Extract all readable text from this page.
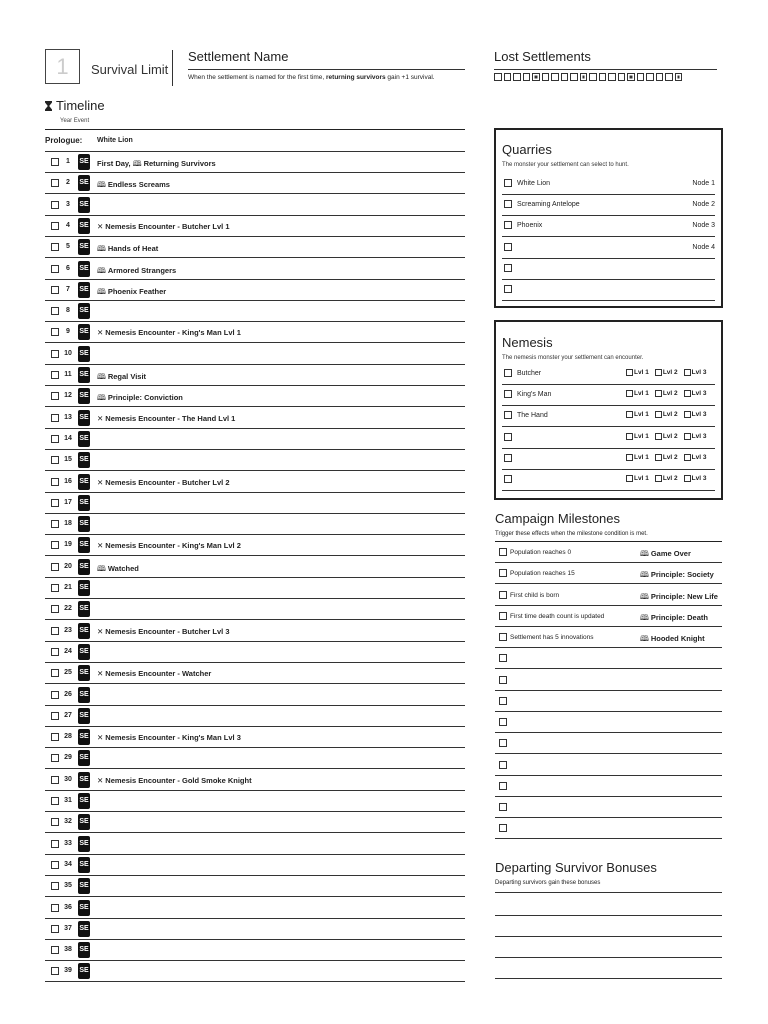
1	Survival Limit
Settlement Name
When the settlement is named for the first time, returning survivors gain +1 survival.
Lost Settlements
Timeline
Year Event
Prologue: White Lion
1	SE First Day, 🕮 Returning Survivors
2	SE 🕮 Endless Screams
3	SE
4	SE ✕ Nemesis Encounter - Butcher Lvl 1
5	SE 🕮 Hands of Heat
6	SE 🕮 Armored Strangers
7	SE 🕮 Phoenix Feather
8	SE
9	SE ✕ Nemesis Encounter - King's Man Lvl 1
10	SE
11	SE 🕮 Regal Visit
12	SE 🕮 Principle: Conviction
13	SE ✕ Nemesis Encounter - The Hand Lvl 1
14	SE
15	SE
16	SE ✕ Nemesis Encounter - Butcher Lvl 2
17	SE
18	SE
19	SE ✕ Nemesis Encounter - King's Man Lvl 2
20	SE 🕮 Watched
21	SE
22	SE
23	SE ✕ Nemesis Encounter - Butcher Lvl 3
24	SE
25	SE ✕ Nemesis Encounter - Watcher
26	SE
27	SE
28	SE ✕ Nemesis Encounter - King's Man Lvl 3
29	SE
30	SE ✕ Nemesis Encounter - Gold Smoke Knight
31	SE
32	SE
33	SE
34	SE
35	SE
36	SE
37	SE
38	SE
39	SE
Quarries
The monster your settlement can select to hunt.
White Lion	Node 1
Screaming Antelope	Node 2
Phoenix	Node 3
Node 4
Nemesis
The nemesis monster your settlement can encounter.
Butcher	Lvl 1	Lvl 2	Lvl 3
King's Man	Lvl 1	Lvl 2	Lvl 3
The Hand	Lvl 1	Lvl 2	Lvl 3
Lvl 1	Lvl 2	Lvl 3
Lvl 1	Lvl 2	Lvl 3
Lvl 1	Lvl 2	Lvl 3
Campaign Milestones
Trigger these effects when the milestone condition is met.
Population reaches 0	🕮 Game Over
Population reaches 15	🕮 Principle: Society
First child is born	🕮 Principle: New Life
First time death count is updated	🕮 Principle: Death
Settlement has 5 innovations	🕮 Hooded Knight
Departing Survivor Bonuses
Departing survivors gain these bonuses
